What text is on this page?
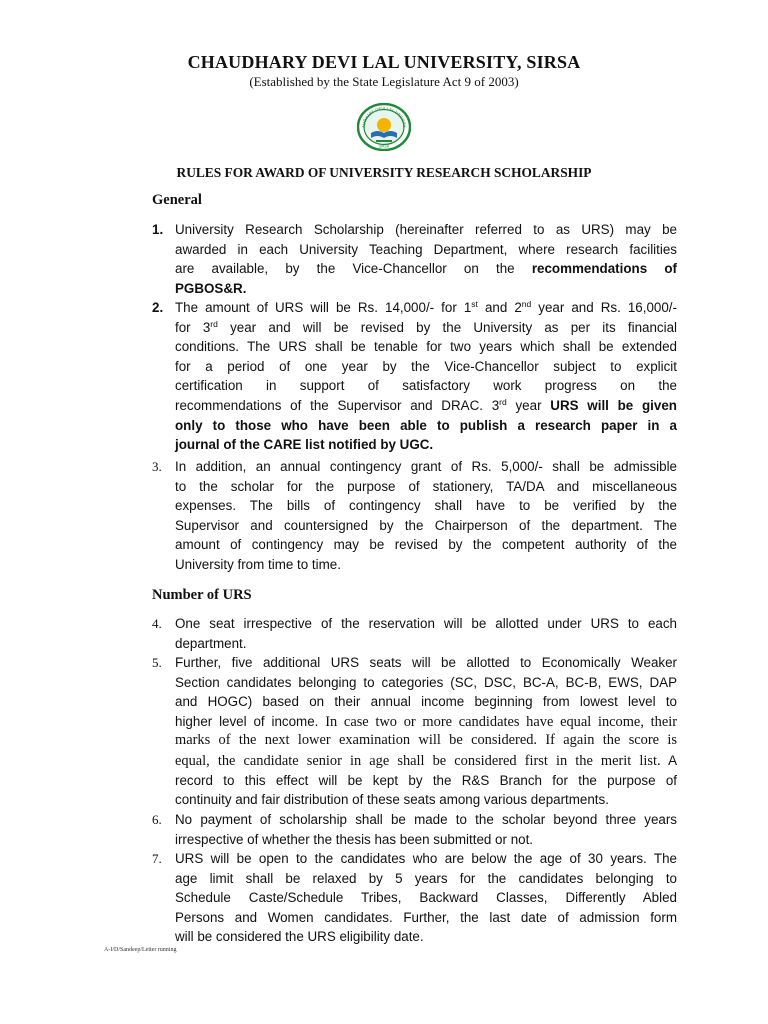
CHAUDHARY DEVI LAL UNIVERSITY, SIRSA
(Established by the State Legislature Act 9 of 2003)
AUDHARY DEVI LAL UNIVERS
SIRSA
RULES FOR AWARD OF UNIVERSITY RESEARCH SCHOLARSHIP
General
1. University Research Scholarship (hereinafter referred to as URS) may be
awarded in each University Teaching Department, where research facilities
are available, by the Vice-Chancellor on the recommendations of
PGBOS&R.
2. The amount of URS will be Rs. 14,000/- for 1st and 2nd year and Rs. 16,000/-
for 3rd year and will be revised by the University as per its financial
conditions. The URS shall be tenable for two years which shall be extended
for a period of one year by the Vice-Chancellor subject to explicit
certification in support of satisfactory work progress on the
recommendations of the Supervisor and DRAC. 3rd year URS will be given
only to those who have been able to publish a research paper in a
journal of the CARE list notified by UGC.
3. In addition, an annual contingency grant of Rs. 5,000/- shall be admissible
to the scholar for the purpose of stationery, TA/DA and miscellaneous
expenses. The bills of contingency shall have to be verified by the
Supervisor and countersigned by the Chairperson of the department. The
amount of contingency may be revised by the competent authority of the
University from time to time.
Number of URS
4. One seat irrespective of the reservation will be allotted under URS to each
department.
5. Further, five additional URS seats will be allotted to Economically Weaker
Section candidates belonging to categories (SC, DSC, BC-A, BC-B, EWS, DAP
and HOGC) based on their annual income beginning from lowest level to
higher level of income. In case two or more candidates have equal income, their
marks of the next lower examination will be considered. If again the score is
equal, the candidate senior in age shall be considered first in the merit list. A
record to this effect will be kept by the R&S Branch for the purpose of
continuity and fair distribution of these seats among various departments.
6. No payment of scholarship shall be made to the scholar beyond three years
irrespective of whether the thesis has been submitted or not.
7. URS will be open to the candidates who are below the age of 30 years. The
age limit shall be relaxed by 5 years for the candidates belonging to
Schedule Caste/Schedule Tribes, Backward Classes, Differently Abled
Persons and Women candidates. Further, the last date of admission form
will be considered the URS eligibility date.
A-I/D/Sandeep/Letter running
